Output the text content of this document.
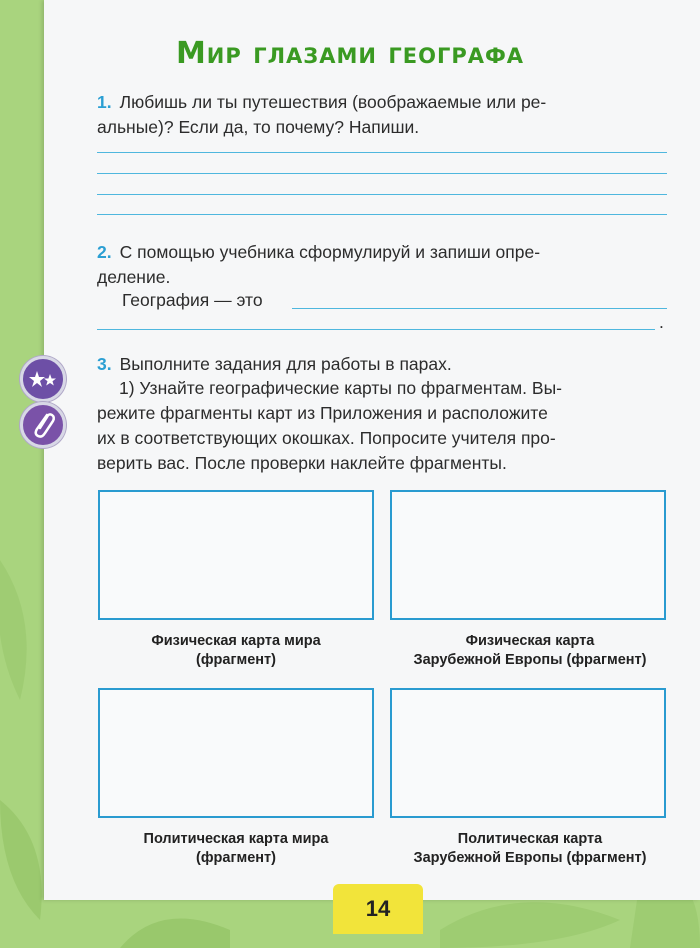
Мир глазами географа
1. Любишь ли ты путешествия (воображаемые или ре-
альные)? Если да, то почему? Напиши.
2. С помощью учебника сформулируй и запиши опре-
деление.
География — это
.
3. Выполните задания для работы в парах.
1) Узнайте географические карты по фрагментам. Вы-
режите фрагменты карт из Приложения и расположите
их в соответствующих окошках. Попросите учителя про-
верить вас. После проверки наклейте фрагменты.
Физическая карта мира
(фрагмент)
Физическая карта
Зарубежной Европы (фрагмент)
Политическая карта мира
(фрагмент)
Политическая карта
Зарубежной Европы (фрагмент)
14
